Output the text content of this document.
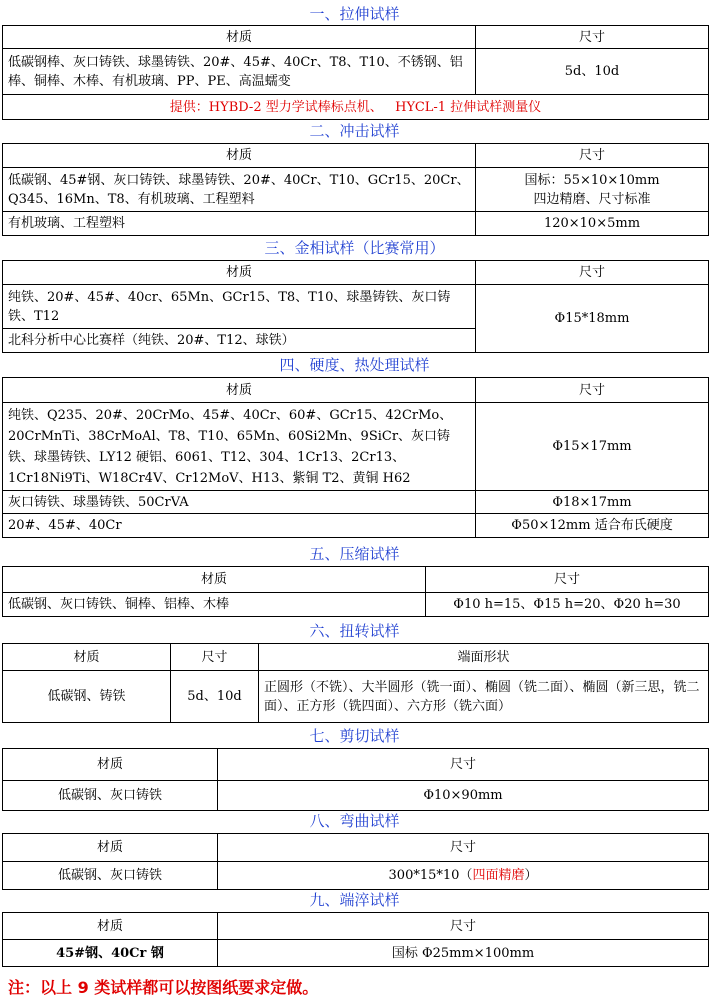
一、拉伸试样
材质	尺寸
低碳钢棒、灰口铸铁、球墨铸铁、20#、45#、40Cr、T8、T10、不锈钢、铝棒、铜棒、木棒、有机玻璃、PP、PE、高温蠕变	5d、10d
提供：HYBD-2 型力学试棒标点机、   HYCL-1 拉伸试样测量仪	
二、冲击试样
材质	尺寸
低碳钢、45#钢、灰口铸铁、球墨铸铁、20#、40Cr、T10、GCr15、20Cr、Q345、16Mn、T8、有机玻璃、工程塑料	国标：55×10×10mm
四边精磨、尺寸标准

有机玻璃、工程塑料	120×10×5mm
三、金相试样（比赛常用）
材质	尺寸
纯铁、20#、45#、40cr、65Mn、GCr15、T8、T10、球墨铸铁、灰口铸铁、T12	Φ15*18mm
北科分析中心比赛样（纯铁、20#、T12、球铁）	
四、硬度、热处理试样
材质	尺寸
纯铁、Q235、20#、20CrMo、45#、40Cr、60#、GCr15、42CrMo、20CrMnTi、38CrMoAl、T8、T10、65Mn、60Si2Mn、9SiCr、灰口铸铁、球墨铸铁、LY12 硬铝、6061、T12、304、1Cr13、2Cr13、1Cr18Ni9Ti、W18Cr4V、Cr12MoV、H13、紫铜 T2、黄铜 H62	Φ15×17mm
灰口铸铁、球墨铸铁、50CrVA	Φ18×17mm
20#、45#、40Cr	Φ50×12mm 适合布氏硬度
五、压缩试样
材质	尺寸
低碳钢、灰口铸铁、铜棒、铝棒、木棒	Φ10 h=15、Φ15 h=20、Φ20 h=30
六、扭转试样
材质	尺寸	端面形状
低碳钢、铸铁	5d、10d	正圆形（不铣）、大半圆形（铣一面）、椭圆（铣二面）、椭圆（新三思，铣二面）、正方形（铣四面）、六方形（铣六面）
七、剪切试样
材质	尺寸
低碳钢、灰口铸铁	Φ10×90mm
八、弯曲试样
材质	尺寸
低碳钢、灰口铸铁	300*15*10（四面精磨）
九、端淬试样
材质	尺寸
45#钢、40Cr 钢	国标 Φ25mm×100mm
注：以上 9 类试样都可以按图纸要求定做。
